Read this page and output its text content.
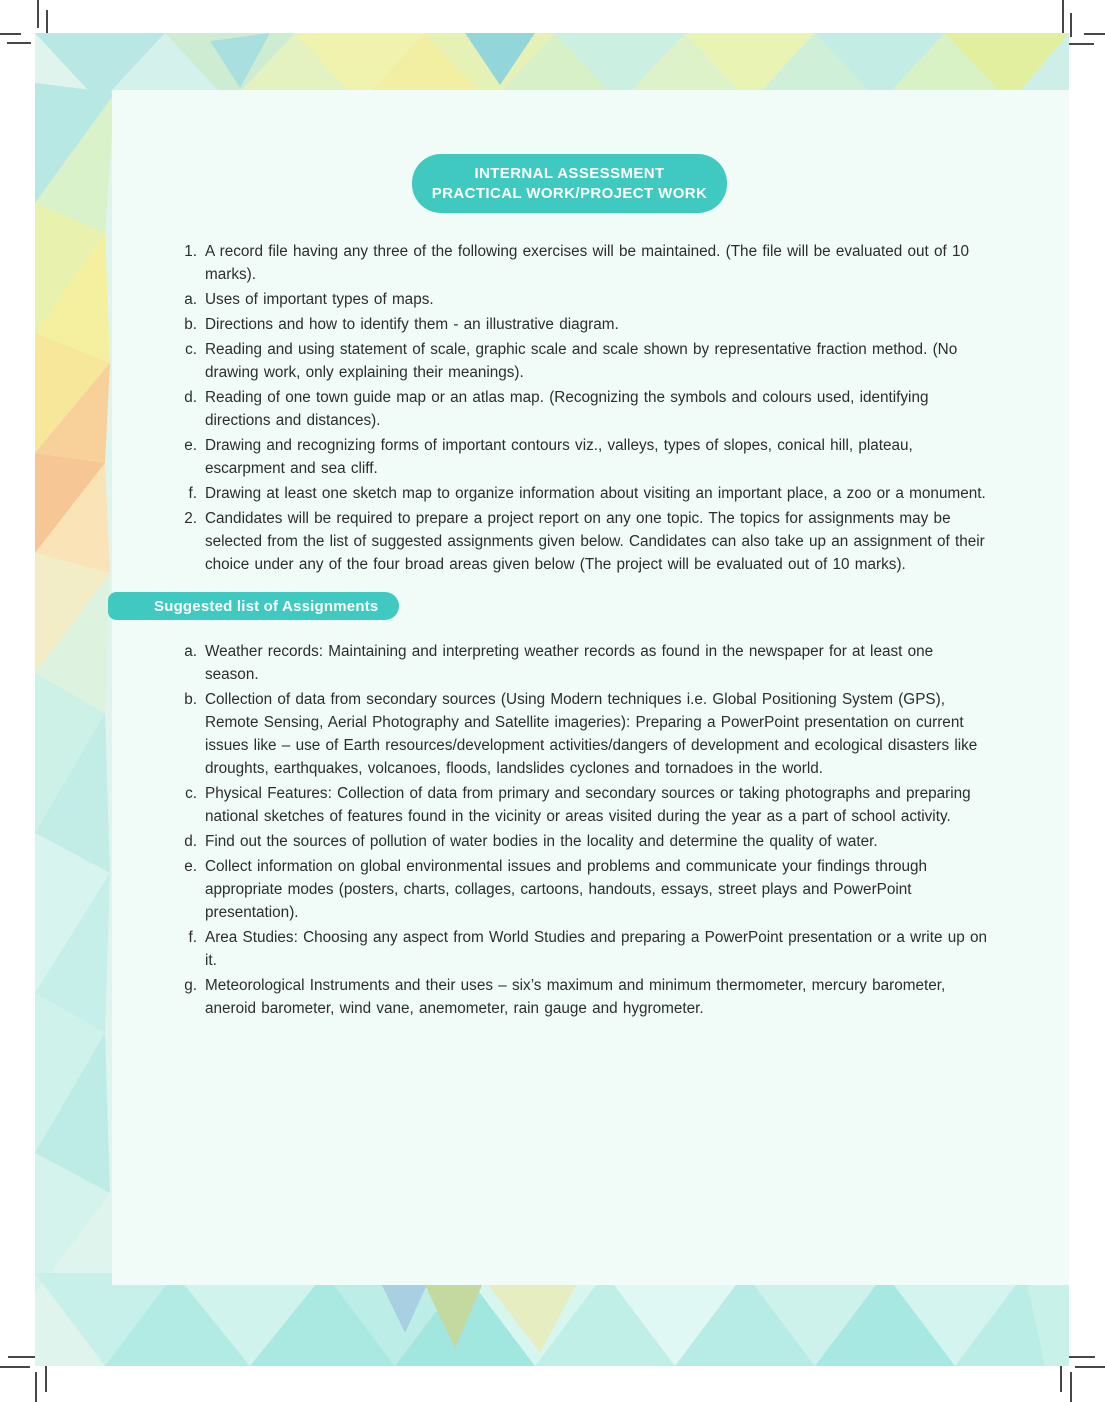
INTERNAL ASSESSMENT
PRACTICAL WORK/PROJECT WORK
1. A record file having any three of the following exercises will be maintained. (The file will be evaluated out of 10 marks).
a. Uses of important types of maps.
b. Directions and how to identify them - an illustrative diagram.
c. Reading and using statement of scale, graphic scale and scale shown by representative fraction method. (No drawing work, only explaining their meanings).
d. Reading of one town guide map or an atlas map. (Recognizing the symbols and colours used, identifying directions and distances).
e. Drawing and recognizing forms of important contours viz., valleys, types of slopes, conical hill, plateau, escarpment and sea cliff.
f. Drawing at least one sketch map to organize information about visiting an important place, a zoo or a monument.
2. Candidates will be required to prepare a project report on any one topic. The topics for assignments may be selected from the list of suggested assignments given below. Candidates can also take up an assignment of their choice under any of the four broad areas given below (The project will be evaluated out of 10 marks).
Suggested list of Assignments
a. Weather records: Maintaining and interpreting weather records as found in the newspaper for at least one season.
b. Collection of data from secondary sources (Using Modern techniques i.e. Global Positioning System (GPS), Remote Sensing, Aerial Photography and Satellite imageries): Preparing a PowerPoint presentation on current issues like – use of Earth resources/development activities/dangers of development and ecological disasters like droughts, earthquakes, volcanoes, floods, landslides cyclones and tornadoes in the world.
c. Physical Features: Collection of data from primary and secondary sources or taking photographs and preparing national sketches of features found in the vicinity or areas visited during the year as a part of school activity.
d. Find out the sources of pollution of water bodies in the locality and determine the quality of water.
e. Collect information on global environmental issues and problems and communicate your findings through appropriate modes (posters, charts, collages, cartoons, handouts, essays, street plays and PowerPoint presentation).
f. Area Studies: Choosing any aspect from World Studies and preparing a PowerPoint presentation or a write up on it.
g. Meteorological Instruments and their uses – six’s maximum and minimum thermometer, mercury barometer, aneroid barometer, wind vane, anemometer, rain gauge and hygrometer.
